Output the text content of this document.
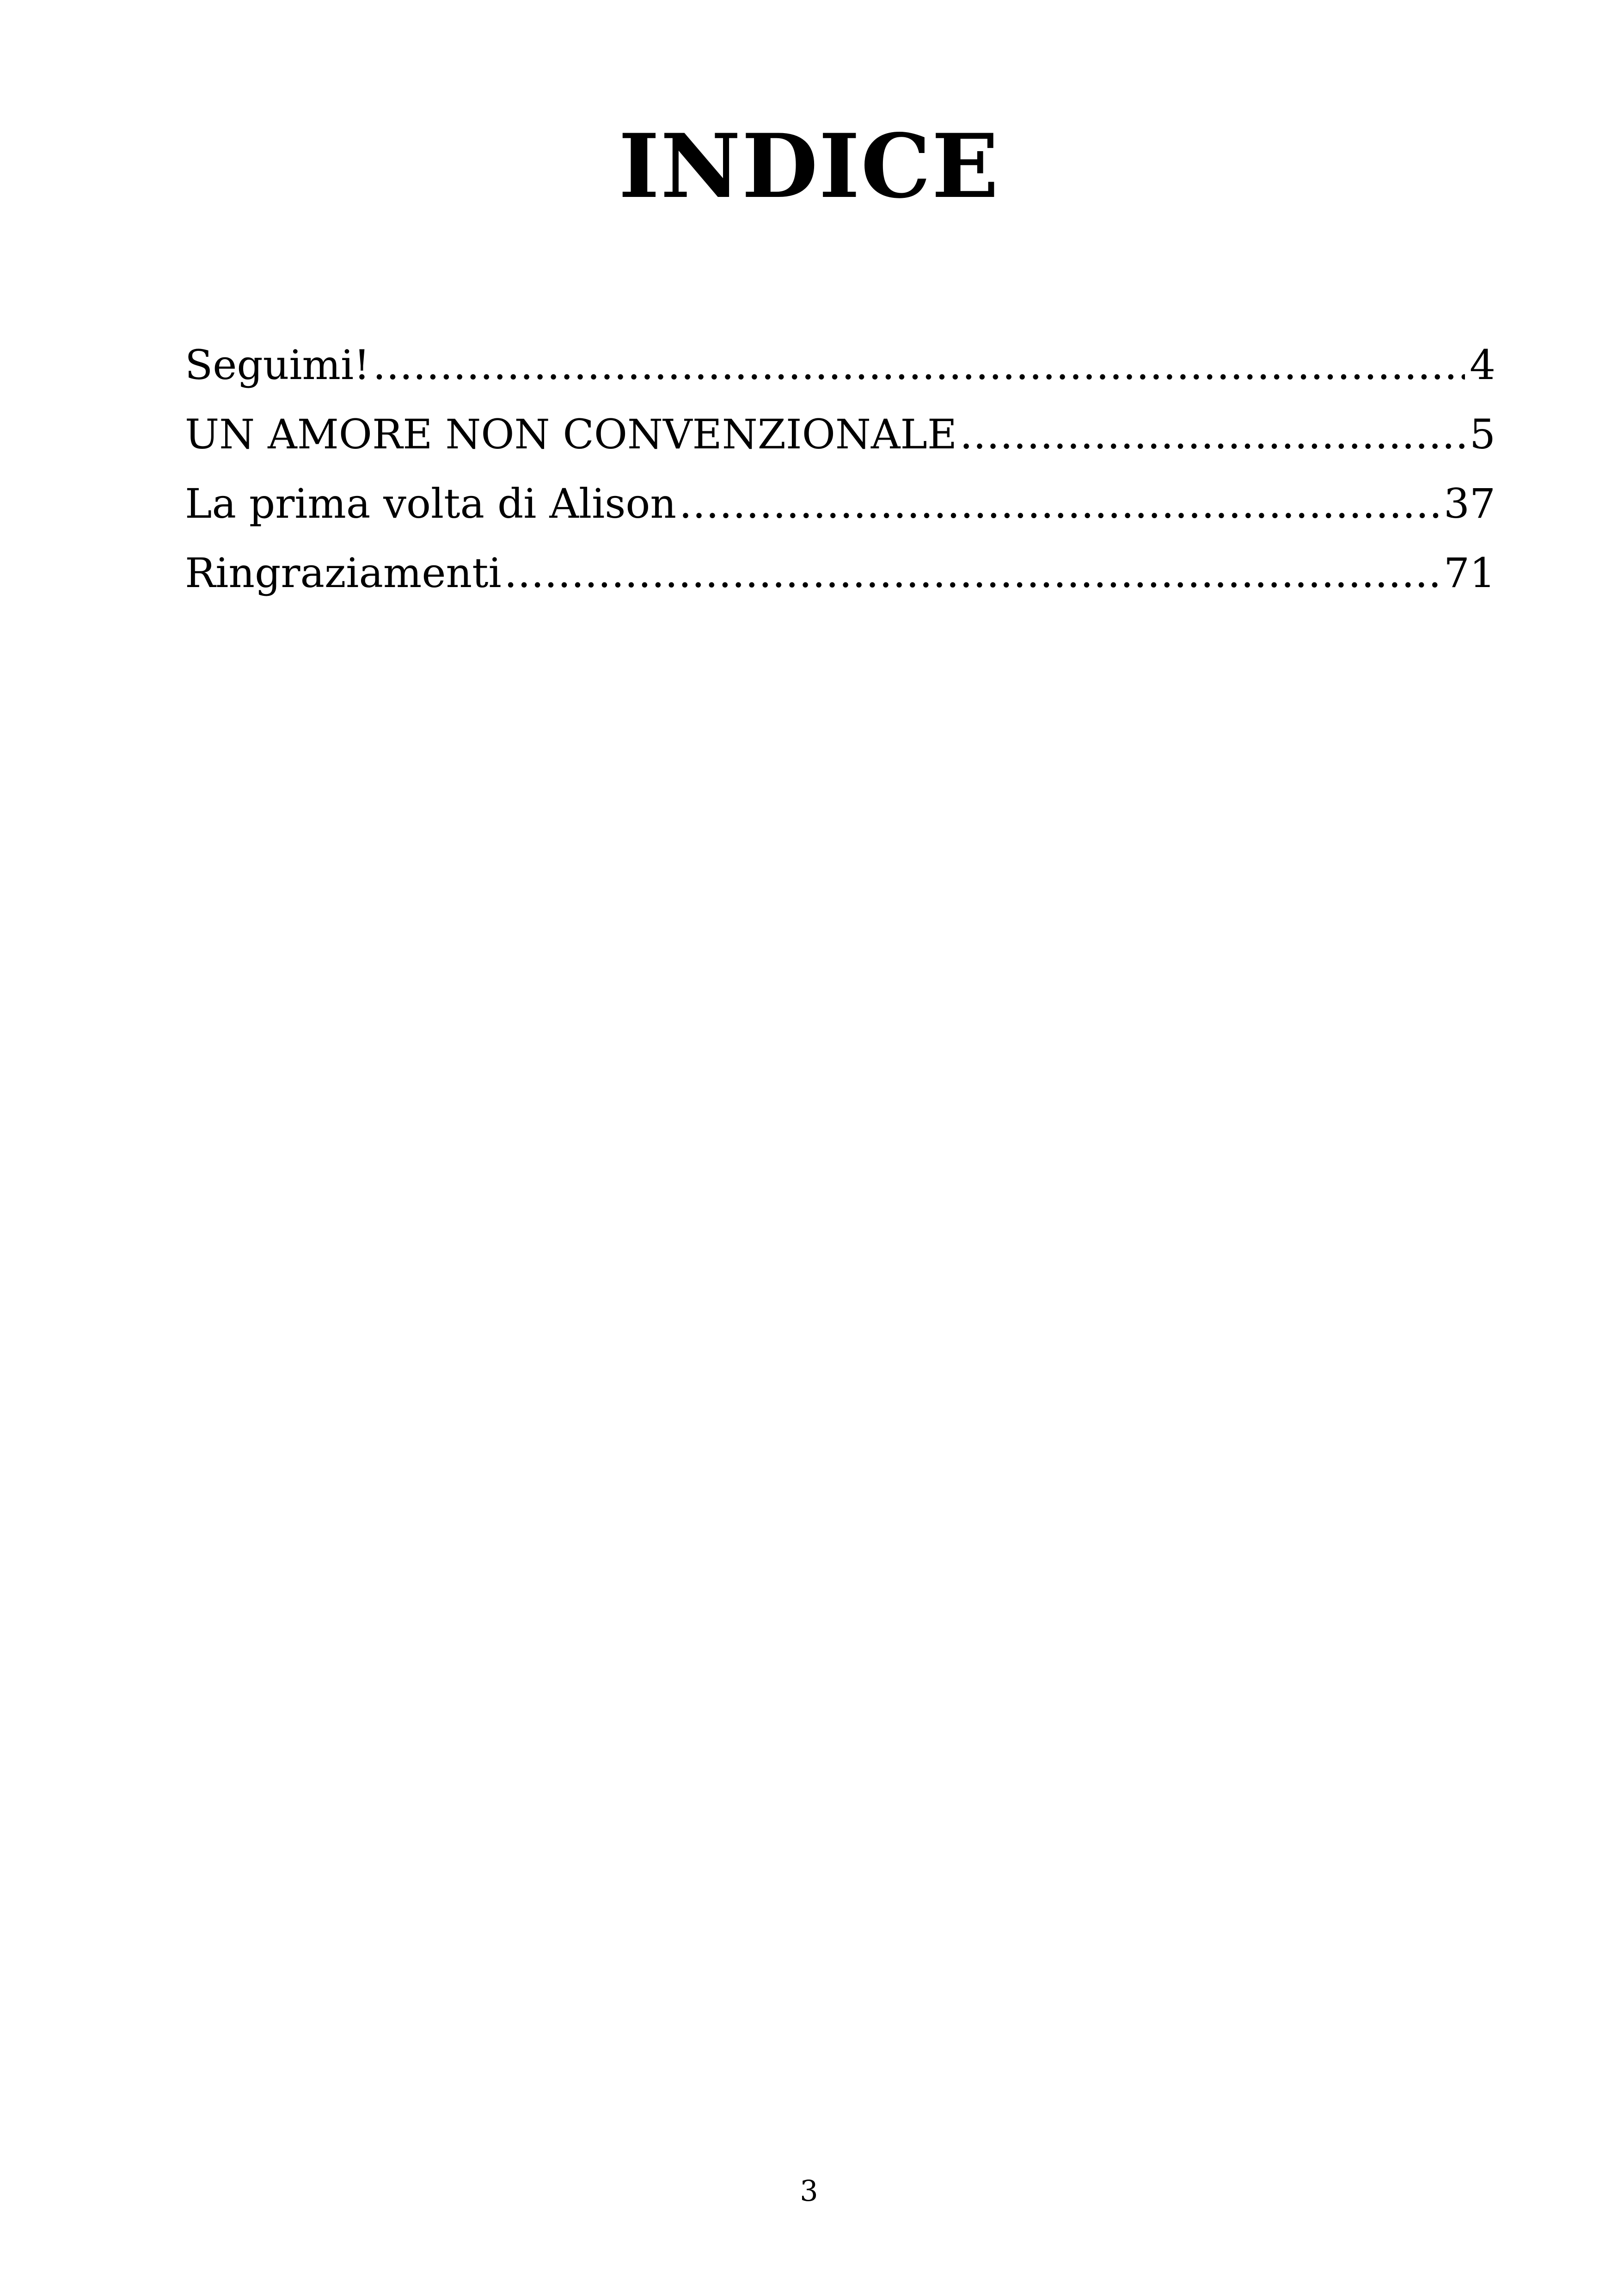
INDICE
Seguimi! .....	4
UN AMORE NON CONVENZIONALE .....	5
La prima volta di Alison .....	37
Ringraziamenti .....	71
3
